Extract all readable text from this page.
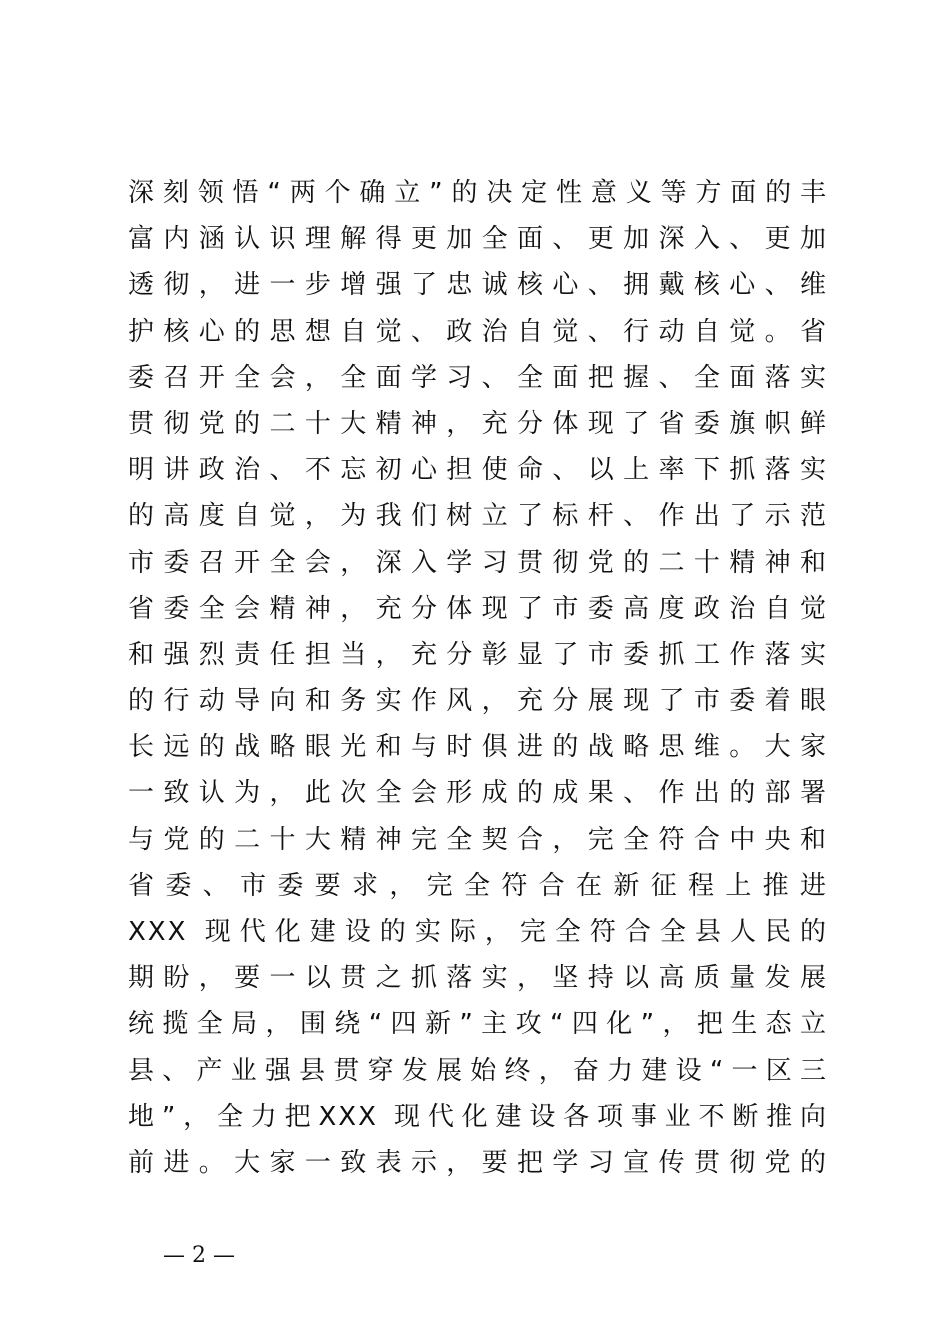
深刻领悟“两个确立”的决定性意义等方面的丰
富内涵认识理解得更加全面、更加深入、更加
透彻，进一步增强了忠诚核心、拥戴核心、维
护核心的思想自觉、政治自觉、行动自觉。省
委召开全会，全面学习、全面把握、全面落实
贯彻党的二十大精神，充分体现了省委旗帜鲜
明讲政治、不忘初心担使命、以上率下抓落实
的高度自觉，为我们树立了标杆、作出了示范
市委召开全会，深入学习贯彻党的二十精神和
省委全会精神，充分体现了市委高度政治自觉
和强烈责任担当，充分彰显了市委抓工作落实
的行动导向和务实作风，充分展现了市委着眼
长远的战略眼光和与时俱进的战略思维。大家
一致认为，此次全会形成的成果、作出的部署
与党的二十大精神完全契合，完全符合中央和
省委、市委要求，完全符合在新征程上推进
XXX 现代化建设的实际，完全符合全县人民的
期盼，要一以贯之抓落实，坚持以高质量发展
统揽全局，围绕“四新”主攻“四化”，把生态立
县、产业强县贯穿发展始终，奋力建设“一区三
地”，全力把XXX 现代化建设各项事业不断推向
前进。大家一致表示，要把学习宣传贯彻党的
— 2 —
